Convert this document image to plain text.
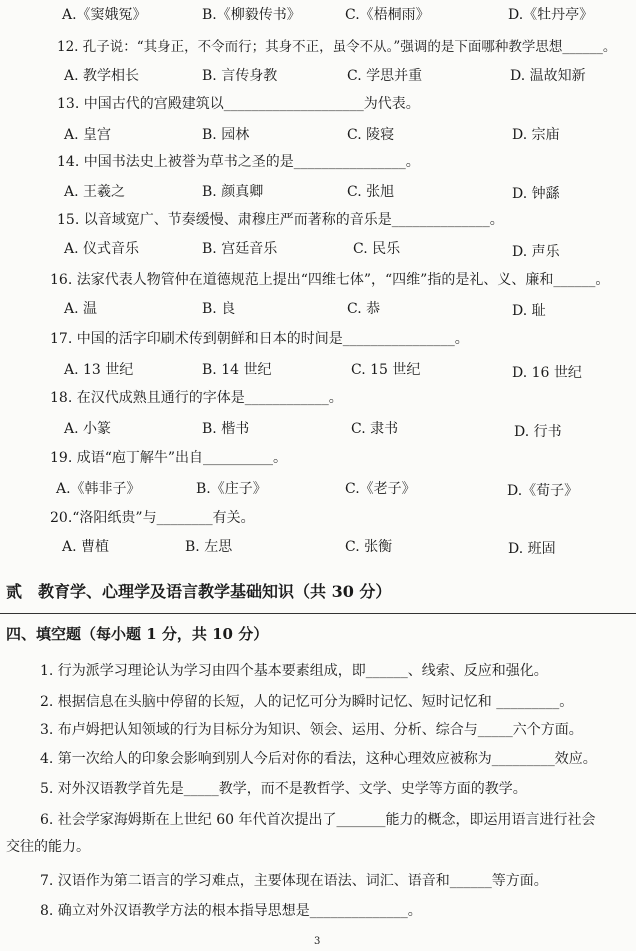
A.《窦娥冤》	B.《柳毅传书》	C.《梧桐雨》	D.《牡丹亭》
12. 孔子说：“其身正，不令而行；其身不正，虽令不从。”强调的是下面哪种教学思想______。
A. 教学相长	B. 言传身教	C. 学思并重	D. 温故知新
13. 中国古代的宫殿建筑以____________________为代表。
A. 皇宫	B. 园林	C. 陵寝	D. 宗庙
14. 中国书法史上被誉为草书之圣的是________________。
A. 王羲之	B. 颜真卿	C. 张旭	D. 钟繇
15. 以音域宽广、节奏缓慢、肃穆庄严而著称的音乐是______________。
A. 仪式音乐	B. 宫廷音乐	C. 民乐	D. 声乐
16. 法家代表人物管仲在道德规范上提出“四维七体”，“四维”指的是礼、义、廉和______。
A. 温	B. 良	C. 恭	D. 耻
17. 中国的活字印刷术传到朝鲜和日本的时间是________________。
A. 13 世纪	B. 14 世纪	C. 15 世纪	D. 16 世纪
18. 在汉代成熟且通行的字体是____________。
A. 小篆	B. 楷书	C. 隶书	D. 行书
19. 成语“庖丁解牛”出自__________。
A.《韩非子》	B.《庄子》	C.《老子》	D.《荀子》
20.“洛阳纸贵”与________有关。
A. 曹植	B. 左思	C. 张衡	D. 班固
贰　教育学、心理学及语言教学基础知识（共 30 分）
四、填空题（每小题 1 分，共 10 分）
1. 行为派学习理论认为学习由四个基本要素组成，即______、线索、反应和强化。
2. 根据信息在头脑中停留的长短，人的记忆可分为瞬时记忆、短时记忆和 _________。
3. 布卢姆把认知领域的行为目标分为知识、领会、运用、分析、综合与_____六个方面。
4. 第一次给人的印象会影响到别人今后对你的看法，这种心理效应被称为_________效应。
5. 对外汉语教学首先是_____教学，而不是教哲学、文学、史学等方面的教学。
6. 社会学家海姆斯在上世纪 60 年代首次提出了_______能力的概念，即运用语言进行社会
交往的能力。
7. 汉语作为第二语言的学习难点，主要体现在语法、词汇、语音和______等方面。
8. 确立对外汉语教学方法的根本指导思想是______________。
3
